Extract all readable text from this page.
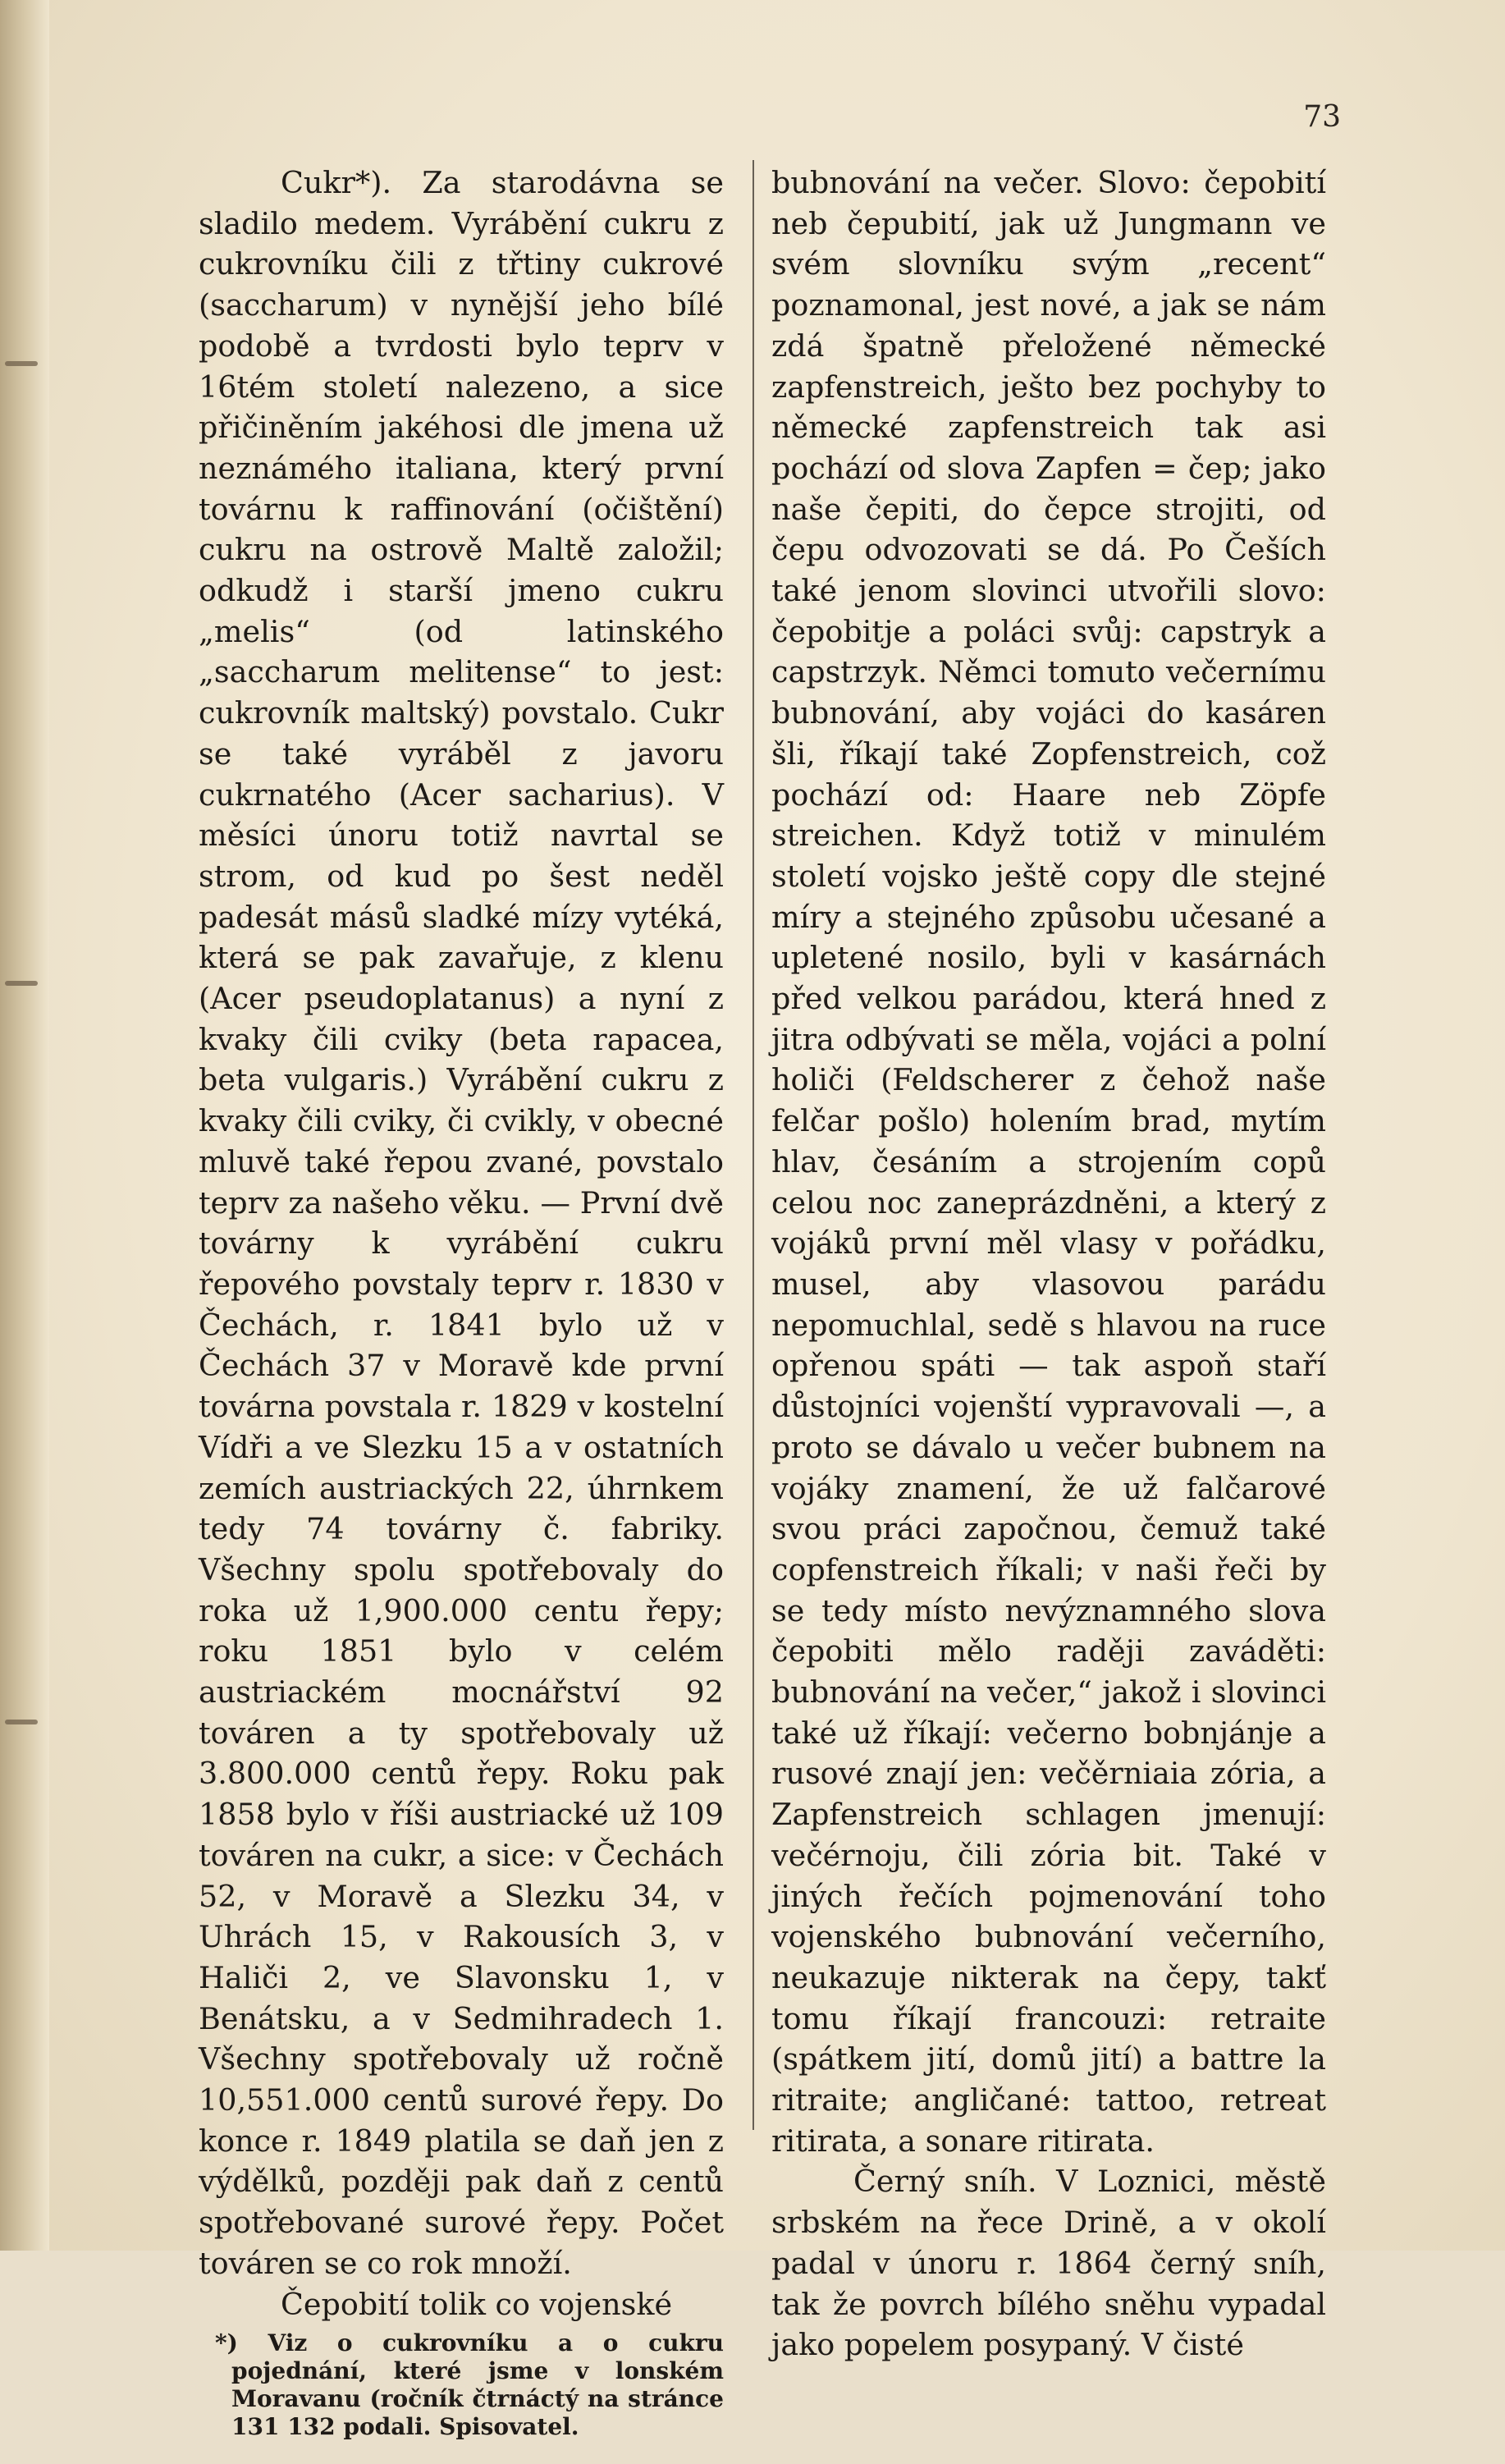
73

Cukr*). Za starodávna se sladilo medem. Vyrábění cukru z cukrovníku čili z třtiny cukrové (saccharum) v nynější jeho bílé podobě a tvrdosti bylo teprv v 16tém století nalezeno, a sice přičiněním jakéhosi dle jmena už neznámého italiana, který první továrnu k raffinování (očištění) cukru na ostrově Maltě založil; odkudž i starší jmeno cukru „melis“ (od latinského „saccharum melitense“ to jest: cukrovník maltský) povstalo. Cukr se také vyráběl z javoru cukrnatého (Acer sacharius). V měsíci únoru totiž navrtal se strom, od kud po šest neděl padesát másů sladké mízy vytéká, která se pak zavařuje, z klenu (Acer pseudoplatanus) a nyní z kvaky čili cviky (beta rapacea, beta vulgaris.) Vyrábění cukru z kvaky čili cviky, či cvikly, v obecné mluvě také řepou zvané, povstalo teprv za našeho věku. — První dvě továrny k vyrábění cukru řepového povstaly teprv r. 1830 v Čechách, r. 1841 bylo už v Čechách 37 v Moravě kde první továrna povstala r. 1829 v kostelní Vídři a ve Slezku 15 a v ostatních zemích austriackých 22, úhrnkem tedy 74 továrny č. fabriky. Všechny spolu spotřebovaly do roka už 1,900.000 centu řepy; roku 1851 bylo v celém austriackém mocnářství 92 továren a ty spotřebovaly už 3.800.000 centů řepy. Roku pak 1858 bylo v říši austriacké už 109 továren na cukr, a sice: v Čechách 52, v Moravě a Slezku 34, v Uhrách 15, v Rakousích 3, v Haliči 2, ve Slavonsku 1, v Benátsku, a v Sedmihradech 1. Všechny spotřebovaly už ročně 10,551.000 centů surové řepy. Do konce r. 1849 platila se daň jen z výdělků, později pak daň z centů spotřebované surové řepy. Počet továren se co rok množí.

Čepobití tolik co vojenské

*) Viz o cukrovníku a o cukru pojednání, které jsme v lonském Moravanu (ročník čtrnáctý na stránce 131 132 podali. Spisovatel.

bubnování na večer. Slovo: čepobití neb čepubití, jak už Jungmann ve svém slovníku svým „recent“ poznamonal, jest nové, a jak se nám zdá špatně přeložené německé zapfenstreich, ješto bez pochyby to německé zapfenstreich tak asi pochází od slova Zapfen = čep; jako naše čepiti, do čepce strojiti, od čepu odvozovati se dá. Po Češích také jenom slovinci utvořili slovo: čepobitje a poláci svůj: capstryk a capstrzyk. Němci tomuto večernímu bubnování, aby vojáci do kasáren šli, říkají také Zopfenstreich, což pochází od: Haare neb Zöpfe streichen. Když totiž v minulém století vojsko ještě copy dle stejné míry a stejného způsobu učesané a upletené nosilo, byli v kasárnách před velkou parádou, která hned z jitra odbývati se měla, vojáci a polní holiči (Feldscherer z čehož naše felčar pošlo) holením brad, mytím hlav, česáním a strojením copů celou noc zaneprázdněni, a který z vojáků první měl vlasy v pořádku, musel, aby vlasovou parádu nepomuchlal, sedě s hlavou na ruce opřenou spáti — tak aspoň staří důstojníci vojenští vypravovali —, a proto se dávalo u večer bubnem na vojáky znamení, že už falčarové svou práci započnou, čemuž také copfenstreich říkali; v naši řeči by se tedy místo nevýznamného slova čepobiti mělo raději zaváděti: bubnování na večer,“ jakož i slovinci také už říkají: večerno bobnjánje a rusové znají jen: večěrniaia zória, a Zapfenstreich schlagen jmenují: večérnoju, čili zória bit. Také v jiných řečích pojmenování toho vojenského bubnování večerního, neukazuje nikterak na čepy, takť tomu říkají francouzi: retraite (spátkem jití, domů jití) a battre la ritraite; angličané: tattoo, retreat ritirata, a sonare ritirata.

Černý sníh. V Loznici, městě srbském na řece Drině, a v okolí padal v únoru r. 1864 černý sníh, tak že povrch bílého sněhu vypadal jako popelem posypaný. V čisté
